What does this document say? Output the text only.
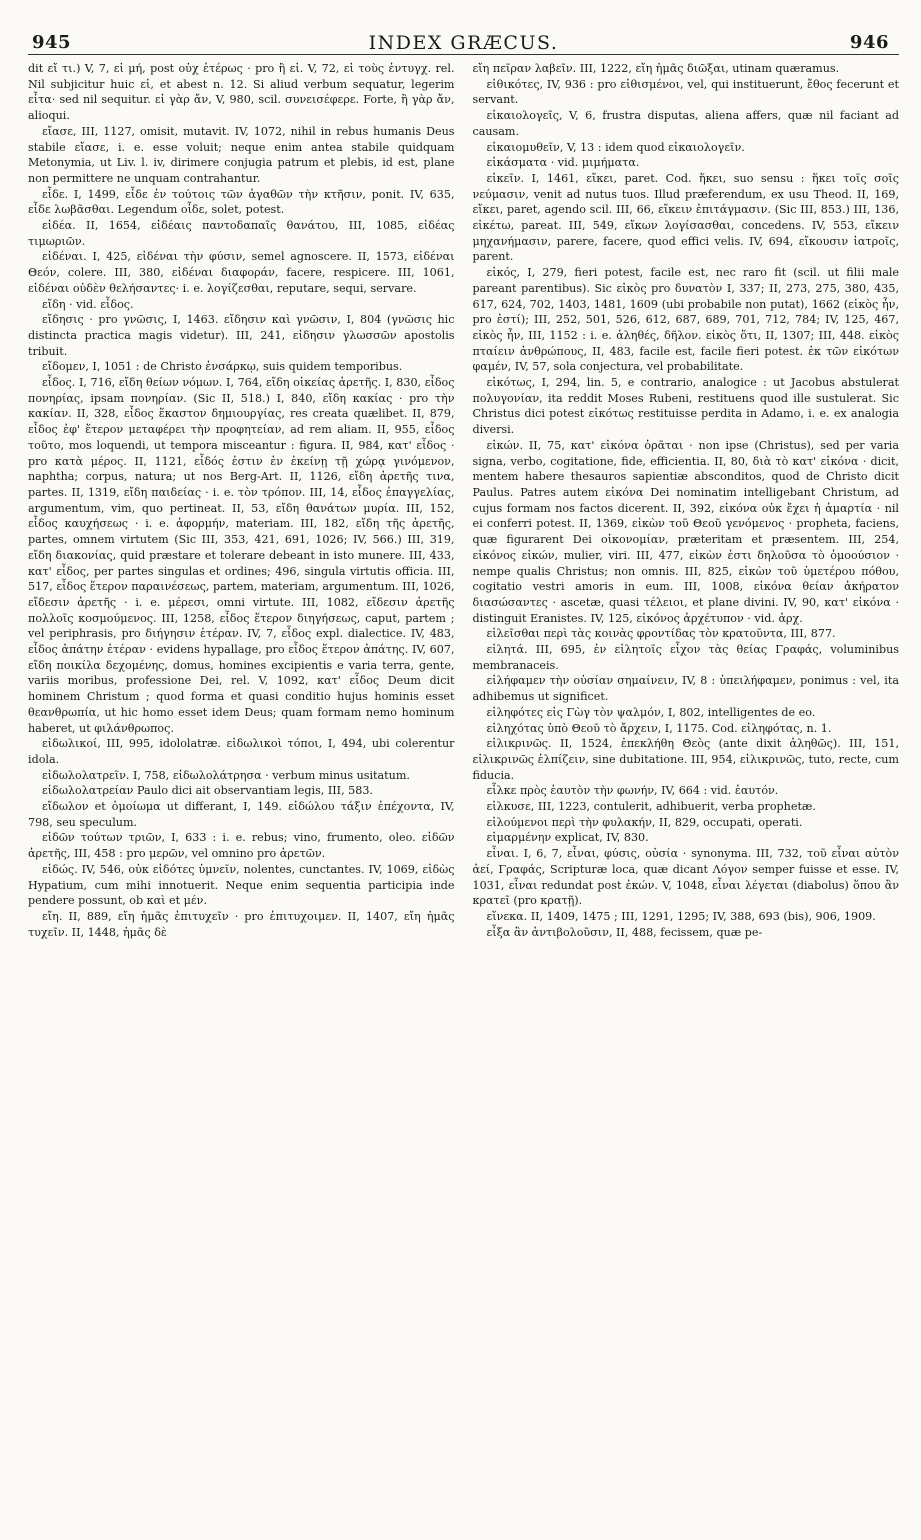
945	INDEX GRÆCUS.	946

dit εἴ τι.) V, 7, εἰ μή, post οὐχ ἑτέρως · pro ἢ εἰ. V, 72, εἰ τοὺς ἐντυγχ. rel. Nil subjicitur huic εἰ, et abest n. 12. Si aliud verbum sequatur, legerim εἶτα· sed nil sequitur. εἰ γὰρ ἄν, V, 980, scil. συνεισέφερε. Forte, ἢ γὰρ ἄν, alioqui.

εἴασε, III, 1127, omisit, mutavit. IV, 1072, nihil in rebus humanis Deus stabile εἴασε, i. e. esse voluit; neque enim antea stabile quidquam Metonymia, ut Liv. l. iv, dirimere conjugia patrum et plebis, id est, plane non permittere ne unquam contrahantur.

εἶδε. I, 1499, εἶδε ἐν τούτοις τῶν ἀγαθῶν τὴν κτῆσιν, ponit. IV, 635, εἶδε λωβᾶσθαι. Legendum οἶδε, solet, potest.

εἰδέα. II, 1654, εἰδέαις παντοδαπαῖς θανάτου, III, 1085, εἰδέας τιμωριῶν.

εἰδέναι. I, 425, εἰδέναι τὴν φύσιν, semel agnoscere. II, 1573, εἰδέναι Θεόν, colere. III, 380, εἰδέναι διαφοράν, facere, respicere. III, 1061, εἰδέναι οὐδὲν θελήσαντες· i. e. λογίζεσθαι, reputare, sequi, servare.

εἴδη · vid. εἶδος.

εἴδησις · pro γνῶσις, I, 1463. εἴδησιν καὶ γνῶσιν, I, 804 (γνῶσις hic distincta practica magis videtur). III, 241, εἰδησιν γλωσσῶν apostolis tribuit.

εἴδομεν, I, 1051 : de Christo ἐνσάρκῳ, suis quidem temporibus.

εἶδος. I, 716, εἴδη θείων νόμων. I, 764, εἴδη οἰκείας ἀρετῆς. I, 830, εἶδος πονηρίας, ipsam πονηρίαν. (Sic II, 518.) I, 840, εἴδη κακίας · pro τὴν κακίαν. II, 328, εἶδος ἕκαστον δημιουργίας, res creata quælibet. II, 879, εἶδος ἐφ' ἕτερον μεταφέρει τὴν προφητείαν, ad rem aliam. II, 955, εἶδος τοῦτο, mos loquendi, ut tempora misceantur : figura. II, 984, κατ' εἶδος · pro κατὰ μέρος. II, 1121, εἶδός ἐστιν ἐν ἐκείνῃ τῇ χώρᾳ γινόμενον, naphtha; corpus, natura; ut nos Berg-Art. II, 1126, εἴδη ἀρετῆς τινα, partes. II, 1319, εἴδη παιδείας · i. e. τὸν τρόπον. III, 14, εἶδος ἐπαγγελίας, argumentum, vim, quo pertineat. II, 53, εἴδη θανάτων μυρία. III, 152, εἶδος καυχήσεως · i. e. ἀφορμήν, materiam. III, 182, εἴδη τῆς ἀρετῆς, partes, omnem virtutem (Sic III, 353, 421, 691, 1026; IV, 566.) III, 319, εἴδη διακονίας, quid præstare et tolerare debeant in isto munere. III, 433, κατ' εἶδος, per partes singulas et ordines; 496, singula virtutis officia. III, 517, εἶδος ἕτερον παραινέσεως, partem, materiam, argumentum. III, 1026, εἴδεσιν ἀρετῆς · i. e. μέρεσι, omni virtute. III, 1082, εἴδεσιν ἀρετῆς πολλοῖς κοσμούμενος. III, 1258, εἶδος ἕτερον διηγήσεως, caput, partem ; vel periphrasis, pro διήγησιν ἑτέραν. IV, 7, εἶδος expl. dialectice. IV, 483, εἶδος ἀπάτην ἑτέραν · evidens hypallage, pro εἶδος ἕτερον ἀπάτης. IV, 607, εἴδη ποικίλα δεχομένης, domus, homines excipientis e varia terra, gente, variis moribus, professione Dei, rel. V, 1092, κατ' εἶδος Deum dicit hominem Christum ; quod forma et quasi conditio hujus hominis esset θεανθρωπία, ut hic homo esset idem Deus; quam formam nemo hominum haberet, ut φιλάνθρωπος.

εἰδωλικοί, III, 995, idololatræ. εἰδωλικοὶ τόποι, I, 494, ubi colerentur idola.

εἰδωλολατρεῖν. I, 758, εἰδωλολάτρησα · verbum minus usitatum.

εἰδωλολατρείαν Paulo dici ait observantiam legis, III, 583.

εἴδωλον et ὁμοίωμα ut differant, I, 149. εἰδώλου τάξιν ἐπέχοντα, IV, 798, seu speculum.

εἰδῶν τούτων τριῶν, I, 633 : i. e. rebus; vino, frumento, oleo. εἰδῶν ἀρετῆς, III, 458 : pro μερῶν, vel omnino pro ἀρετῶν.

εἰδώς. IV, 546, οὐκ εἰδότες ὑμνεῖν, nolentes, cunctantes. IV, 1069, εἰδὼς Hypatium, cum mihi innotuerit. Neque enim sequentia participia inde pendere possunt, ob καὶ et μέν.

εἴη. II, 889, εἴη ἡμᾶς ἐπιτυχεῖν · pro ἐπιτυχοιμεν. II, 1407, εἴη ἡμᾶς τυχεῖν. II, 1448, ἡμᾶς δὲ

εἴη πεῖραν λαβεῖν. III, 1222, εἴη ἡμᾶς διῶξαι, utinam quæramus.

εἰθικότες, IV, 936 : pro εἰθισμένοι, vel, qui instituerunt, ἔθος fecerunt et servant.

εἰκαιολογεῖς, V, 6, frustra disputas, aliena affers, quæ nil faciant ad causam.

εἰκαιομυθεῖν, V, 13 : idem quod εἰκαιολογεῖν.

εἰκάσματα · vid. μιμήματα.

εἰκεῖν. I, 1461, εἴκει, paret. Cod. ἥκει, suo sensu : ἥκει τοῖς σοῖς νεύμασιν, venit ad nutus tuos. Illud præferendum, ex usu Theod. II, 169, εἴκει, paret, agendo scil. III, 66, εἴκειν ἐπιτάγμασιν. (Sic III, 853.) III, 136, εἰκέτω, pareat. III, 549, εἴκων λογίσασθαι, concedens. IV, 553, εἴκειν μηχανήμασιν, parere, facere, quod effici velis. IV, 694, εἴκουσιν ἰατροῖς, parent.

εἰκός, I, 279, fieri potest, facile est, nec raro fit (scil. ut filii male pareant parentibus). Sic εἰκὸς pro δυνατὸν I, 337; II, 273, 275, 380, 435, 617, 624, 702, 1403, 1481, 1609 (ubi probabile non putat), 1662 (εἰκὸς ἦν, pro ἐστί); III, 252, 501, 526, 612, 687, 689, 701, 712, 784; IV, 125, 467, εἰκὸς ἦν, III, 1152 : i. e. ἀληθές, δῆλον. εἰκὸς ὅτι, II, 1307; III, 448. εἰκὸς πταίειν ἀνθρώπους, II, 483, facile est, facile fieri potest. ἐκ τῶν εἰκότων φαμέν, IV, 57, sola conjectura, vel probabilitate.

εἰκότως, I, 294, lin. 5, e contrario, analogice : ut Jacobus abstulerat πολυγονίαν, ita reddit Moses Rubeni, restituens quod ille sustulerat. Sic Christus dici potest εἰκότως restituisse perdita in Adamo, i. e. ex analogia diversi.

εἰκών. II, 75, κατ' εἰκόνα ὁρᾶται · non ipse (Christus), sed per varia signa, verbo, cogitatione, fide, efficientia. II, 80, διὰ τὸ κατ' εἰκόνα · dicit, mentem habere thesauros sapientiæ absconditos, quod de Christo dicit Paulus. Patres autem εἰκόνα Dei nominatim intelligebant Christum, ad cujus formam nos factos dicerent. II, 392, εἰκόνα οὐκ ἔχει ἡ ἁμαρτία · nil ei conferri potest. II, 1369, εἰκὼν τοῦ Θεοῦ γενόμενος · propheta, faciens, quæ figurarent Dei οἰκονομίαν, præteritam et præsentem. III, 254, εἰκόνος εἰκών, mulier, viri. III, 477, εἰκὼν ἐστι δηλοῦσα τὸ ὁμοούσιον · nempe qualis Christus; non omnis. III, 825, εἰκὼν τοῦ ὑμετέρου πόθου, cogitatio vestri amoris in eum. III, 1008, εἰκόνα θείαν ἀκήρατον διασώσαντες · ascetæ, quasi τέλειοι, et plane divini. IV, 90, κατ' εἰκόνα · distinguit Eranistes. IV, 125, εἰκόνος ἀρχέτυπον · vid. ἀρχ.

εἰλεῖσθαι περὶ τὰς κοινὰς φροντίδας τὸν κρατοῦντα, III, 877.

εἰλητά. III, 695, ἐν εἰλητοῖς εἶχον τὰς θείας Γραφάς, voluminibus membranaceis.

εἰλήφαμεν τὴν οὐσίαν σημαίνειν, IV, 8 : ὑπειλήφαμεν, ponimus : vel, ita adhibemus ut significet.

εἰληφότες εἰς Γὼγ τὸν ψαλμόν, I, 802, intelligentes de eo.

εἰληχότας ὑπὸ Θεοῦ τὸ ἄρχειν, I, 1175. Cod. εἰληφότας, n. 1.

εἰλικρινῶς. II, 1524, ἐπεκλήθη Θεὸς (ante dixit ἀληθῶς). III, 151, εἰλικρινῶς ἐλπίζειν, sine dubitatione. III, 954, εἰλικρινῶς, tuto, recte, cum fiducia.

εἷλκε πρὸς ἑαυτὸν τὴν φωνήν, IV, 664 : vid. ἑαυτόν.

εἰλκυσε, III, 1223, contulerit, adhibuerit, verba prophetæ.

εἰλούμενοι περὶ τὴν φυλακήν, II, 829, occupati, operati.

εἱμαρμένην explicat, IV, 830.

εἶναι. I, 6, 7, εἶναι, φύσις, οὐσία · synonyma. III, 732, τοῦ εἶναι αὐτὸν ἀεί, Γραφάς, Scripturæ loca, quæ dicant Λόγον semper fuisse et esse. IV, 1031, εἶναι redundat post ἐκών. V, 1048, εἶναι λέγεται (diabolus) ὅπου ἂν κρατεῖ (pro κρατῇ).

εἵνεκα. II, 1409, 1475 ; III, 1291, 1295; IV, 388, 693 (bis), 906, 1909.

εἶξα ἂν ἀντιβολοῦσιν, II, 488, fecissem, quæ pe-
